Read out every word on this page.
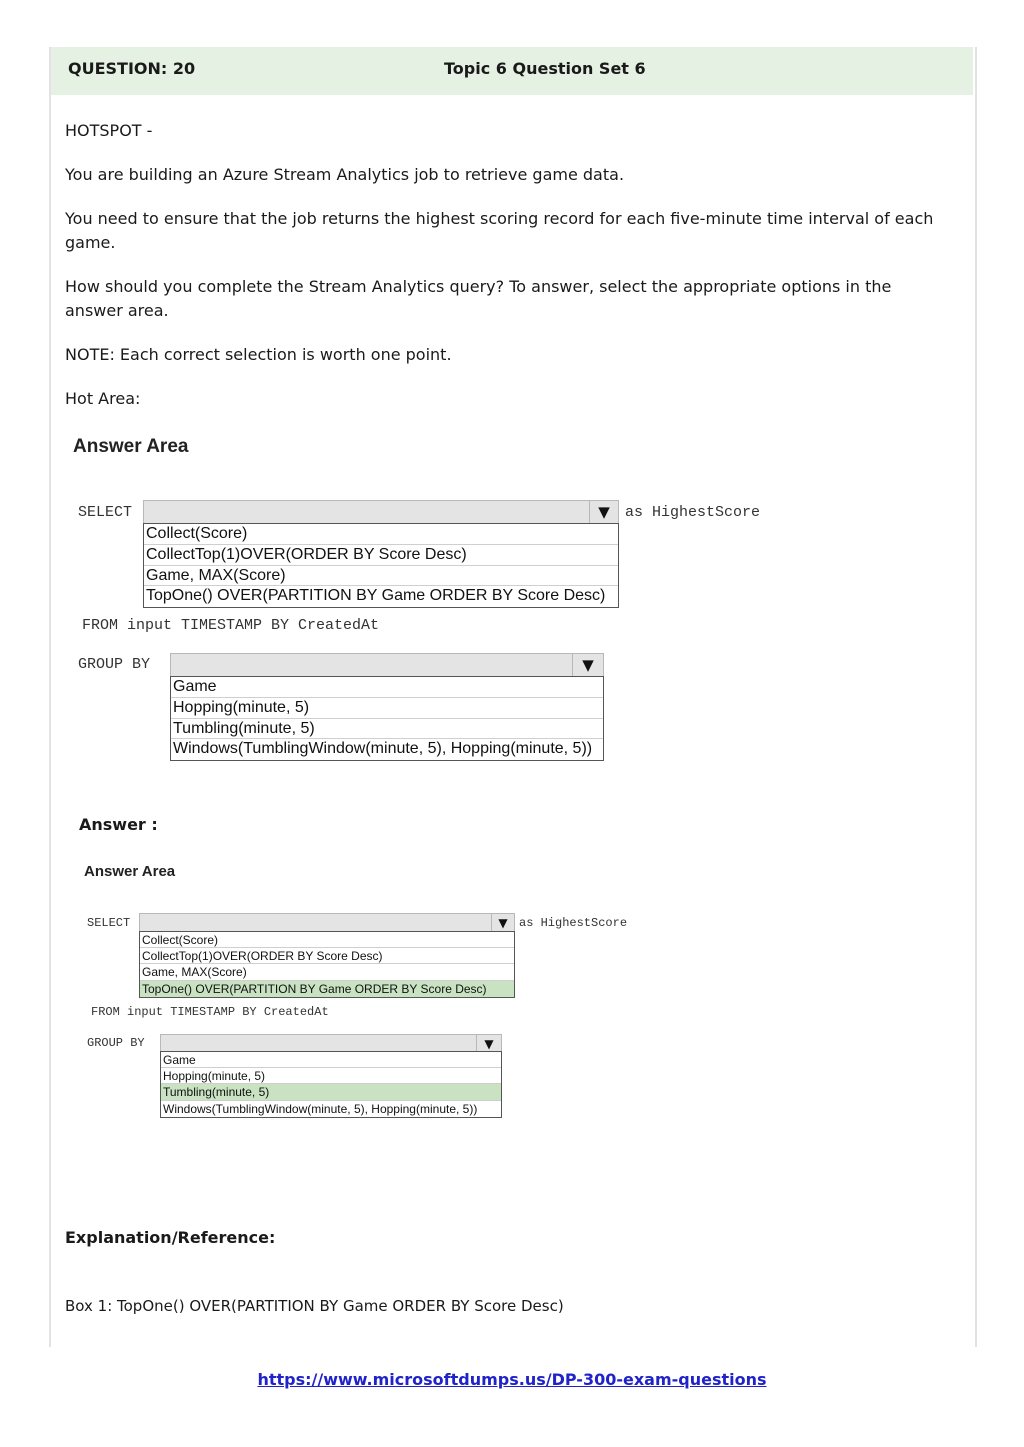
QUESTION: 20	Topic 6 Question Set 6

HOTSPOT -

You are building an Azure Stream Analytics job to retrieve game data.

You need to ensure that the job returns the highest scoring record for each five-minute time interval of each game.

How should you complete the Stream Analytics query? To answer, select the appropriate options in the answer area.

NOTE: Each correct selection is worth one point.

Hot Area:

Answer Area
SELECT	▼	as HighestScore
Collect(Score)
CollectTop(1)OVER(ORDER BY Score Desc)
Game, MAX(Score)
TopOne() OVER(PARTITION BY Game ORDER BY Score Desc)
FROM input TIMESTAMP BY CreatedAt
GROUP BY	▼
Game
Hopping(minute, 5)
Tumbling(minute, 5)
Windows(TumblingWindow(minute, 5), Hopping(minute, 5))
Answer :
Answer Area
SELECT	▼ as HighestScore
Collect(Score)
CollectTop(1)OVER(ORDER BY Score Desc)
Game, MAX(Score)
TopOne() OVER(PARTITION BY Game ORDER BY Score Desc)
FROM input TIMESTAMP BY CreatedAt
GROUP BY	▼
Game
Hopping(minute, 5)
Tumbling(minute, 5)
Windows(TumblingWindow(minute, 5), Hopping(minute, 5))
Explanation/Reference:
Box 1: TopOne() OVER(PARTITION BY Game ORDER BY Score Desc)
https://www.microsoftdumps.us/DP-300-exam-questions
